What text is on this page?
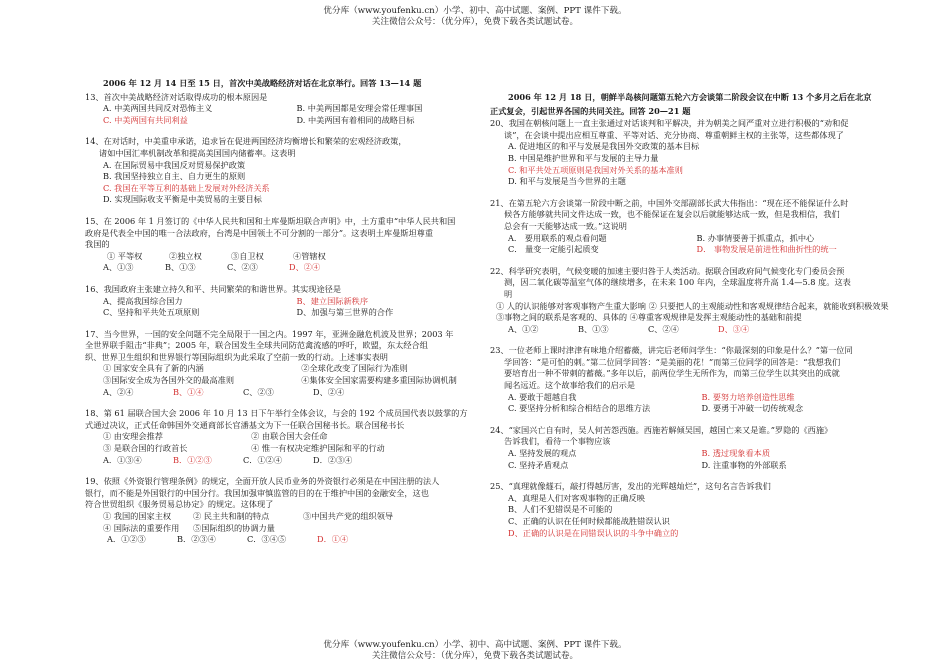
优分库（www.youfenku.cn）小学、初中、高中试题、案例、PPT 课件下载。
关注微信公众号：（优分库），免费下载各类试题试卷。
2006 年 12 月 14 日至 15 日，首次中美战略经济对话在北京举行。回答 13—14 题
13、首次中美战略经济对话取得成功的根本原因是
A. 中美两国共同反对恐怖主义	B. 中美两国都是安理会常任理事国
C. 中美两国有共同利益	D. 中美两国有着相同的战略目标
14、在对话时，中美重申承诺，追求旨在促进两国经济均衡增长和繁荣的宏观经济政策，
诸如中国汇率机制改革和提高美国国内储蓄率。这表明
A. 在国际贸易中我国反对贸易保护政策
B. 我国坚持独立自主、自力更生的原则
C. 我国在平等互利的基础上发展对外经济关系
D. 实现国际收支平衡是中美贸易的主要目标
15、在 2006 年 1 月签订的《中华人民共和国和土库曼斯坦联合声明》中，土方重申“中华人民共和国
政府是代表全中国的唯一合法政府，台湾是中国领土不可分割的一部分”。这表明土库曼斯坦尊重
我国的
① 平等权	②独立权	③自卫权	④管辖权
A、①③	B、①③	C、②③	D、②④
16、我国政府主张建立持久和平、共同繁荣的和谐世界。其实现途径是
A、提高我国综合国力	B、建立国际新秩序
C、坚持和平共处五项原则	D、加强与第三世界的合作
17、当今世界，一国的安全问题不完全局限于一国之内。1997 年，亚洲金融危机波及世界；2003 年
全世界联手阻击“非典”；2005 年，联合国发生全球共同防范禽流感的呼吁，欧盟，东太经合组
织、世界卫生组织和世界银行等国际组织为此采取了空前一致的行动。上述事实表明
① 国家安全具有了新的内涵	②全球化改变了国际行为准则
③国际安全成为各国外交的最高准则	④集体安全国家需要构建多重国际协调机制
A、②④	B、①④	C、②③	D、②④
18、第 61 届联合国大会 2006 年 10 月 13 日下午举行全体会议，与会的 192 个成员国代表以鼓掌的方
式通过决议，正式任命韩国外交通商部长官潘基文为下一任联合国秘书长。联合国秘书长
① 由安理会推荐	② 由联合国大会任命
③ 是联合国的行政首长	④ 惟一有权决定维护国际和平的行动
A．①③④	B．①②③	C．①②④	D．②③④
19、依照《外资银行管理条例》的规定，全面开放人民币业务的外资银行必须是在中国注册的法人
银行，而不能是外国银行的中国分行。我国加强审慎监管的目的在于维护中国的金融安全，这也
符合世贸组织《服务贸易总协定》的规定。这体现了
① 我国的国家主权	② 民主共和制的特点	③中国共产党的组织领导
④ 国际法的重要作用	⑤国际组织的协调力量
A．①②③	B．②③④	C．③④⑤	D．①④
2006 年 12 月 18 日，朝鲜半岛核问题第五轮六方会谈第二阶段会议在中断 13 个多月之后在北京
正式复会，引起世界各国的共同关注。回答 20—21 题
20、我国在朝核问题上一直主张通过对话谈判和平解决，并为朝美之间严重对立进行积极的“劝和促
谈”，在会谈中提出应相互尊重、平等对话、充分协商、尊重朝鲜主权的主张等，这些都体现了
A. 促进地区的和平与发展是我国外交政策的基本目标
B. 中国是维护世界和平与发展的主导力量
C. 和平共处五项原则是我国对外关系的基本准则
D. 和平与发展是当今世界的主题
21、在第五轮六方会谈第一阶段中断之前，中国外交部副部长武大伟指出：“现在还不能保证什么时
候各方能够就共同文件达成一致，也不能保证在复会以后就能够达成一致，但是我相信，我们
总会有一天能够达成一致。”这说明
A． 要用联系的观点看问题	B. 办事情要善于抓重点，抓中心
C． 量变一定能引起质变	D． 事物发展是前进性和曲折性的统一
22、科学研究表明，气候变暖的加速主要归咎于人类活动。据联合国政府间气候变化专门委员会预
测，因二氧化碳等温室气体的继续增多，在未来 100 年内，全球温度将升高 1.4—5.8 度。这表
明
① 人的认识能够对客观事物产生重大影响 ② 只要把人的主观能动性和客观规律结合起来，就能收到积极效果 ③事物之间的联系是客观的、具体的 ④尊重客观规律是发挥主观能动性的基础和前提
A、①②	B、①③	C、②④	D、③④
23、一位老师上课时津津有味地介绍蓄薇，讲完后老师问学生：“你最深刻的印象是什么？”第一位同
学回答：“是可怕的刺。”第二位同学回答：“是美丽的花！”而第三位同学的回答是：“我想我们
要培育出一种不带刺的蓄薇。”多年以后，前两位学生无所作为，而第三位学生以其突出的成就
闻名远近。这个故事给我们的启示是
A. 要敢于超越自我	B. 要努力培养创造性思维
C. 要坚持分析和综合相结合的思维方法	D. 要勇于冲破一切传统观念
24、“家国兴亡自有时，吴人何苦怨西施。西施若解倾吴国，越国亡来又是谁。”罗隐的《西施》
告诉我们，看待一个事物应该
A. 坚持发展的观点	B. 透过现象看本质
C. 坚持矛盾观点	D. 注重事物的外部联系
25、“真理就像燧石，敲打得越厉害，发出的光辉越灿烂”，这句名言告诉我们
A、真理是人们对客观事物的正确反映
B、人们不犯错误是不可能的
C、正确的认识在任何时候都能战胜错误认识
D、正确的认识是在同错误认识的斗争中确立的
优分库（www.youfenku.cn）小学、初中、高中试题、案例、PPT 课件下载。
关注微信公众号：（优分库），免费下载各类试题试卷。
